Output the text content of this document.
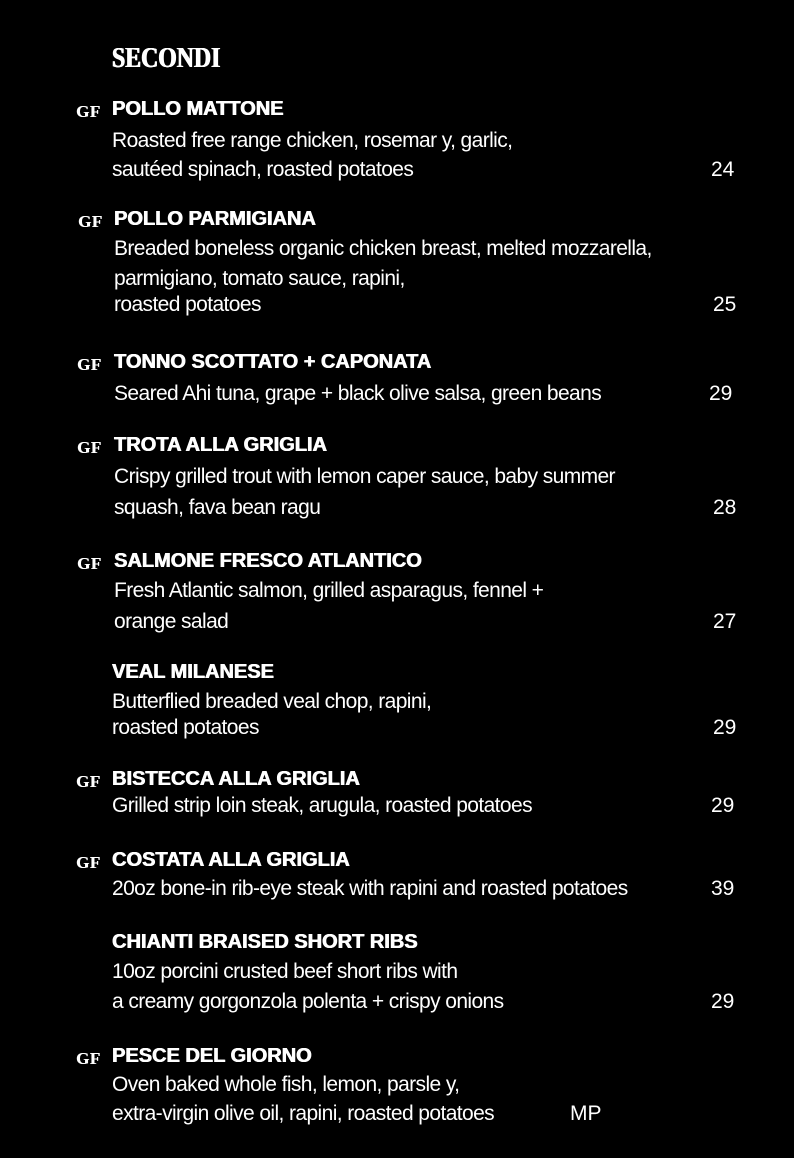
SECONDI
GF POLLO MATTONE
Roasted free range chicken, rosemar y, garlic,
sautéed spinach, roasted potatoes	24
GF POLLO PARMIGIANA
Breaded boneless organic chicken breast, melted mozzarella,
parmigiano, tomato sauce, rapini,
roasted potatoes	25
GF TONNO SCOTTATO + CAPONATA
Seared Ahi tuna, grape + black olive salsa, green beans	29
GF TROTA ALLA GRIGLIA
Crispy grilled trout with lemon caper sauce, baby summer
squash, fava bean ragu	28
GF SALMONE FRESCO ATLANTICO
Fresh Atlantic salmon, grilled asparagus, fennel +
orange salad	27
VEAL MILANESE
Butterflied breaded veal chop, rapini,
roasted potatoes	29
GF BISTECCA ALLA GRIGLIA
Grilled strip loin steak, arugula, roasted potatoes	29
GF COSTATA ALLA GRIGLIA
20oz bone-in rib-eye steak with rapini and roasted potatoes	39
CHIANTI BRAISED SHORT RIBS
10oz porcini crusted beef short ribs with
a creamy gorgonzola polenta + crispy onions	29
GF PESCE DEL GIORNO
Oven baked whole fish, lemon, parsle y,
extra-virgin olive oil, rapini, roasted potatoes	MP
